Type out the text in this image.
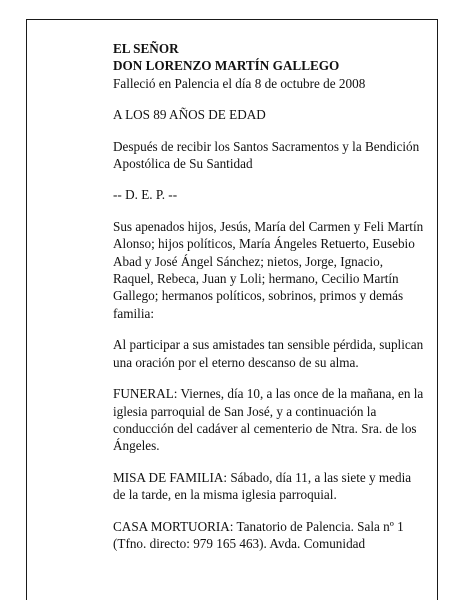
EL SEÑOR

DON LORENZO MARTÍN GALLEGO

Falleció en Palencia el día 8 de octubre de 2008

A LOS 89 AÑOS DE EDAD

Después de recibir los Santos Sacramentos y la Bendición Apostólica de Su Santidad

-- D. E. P. --

Sus apenados hijos, Jesús, María del Carmen y Feli Martín Alonso; hijos políticos, María Ángeles Retuerto, Eusebio Abad y José Ángel Sánchez; nietos, Jorge, Ignacio, Raquel, Rebeca, Juan y Loli; hermano, Cecilio Martín Gallego; hermanos políticos, sobrinos, primos y demás familia:

Al participar a sus amistades tan sensible pérdida, suplican una oración por el eterno descanso de su alma.

FUNERAL: Viernes, día 10, a las once de la mañana, en la iglesia parroquial de San José, y a continuación la conducción del cadáver al cementerio de Ntra. Sra. de los Ángeles.

MISA DE FAMILIA: Sábado, día 11, a las siete y media de la tarde, en la misma iglesia parroquial.

CASA MORTUORIA: Tanatorio de Palencia. Sala nº 1 (Tfno. directo: 979 165 463). Avda. Comunidad
